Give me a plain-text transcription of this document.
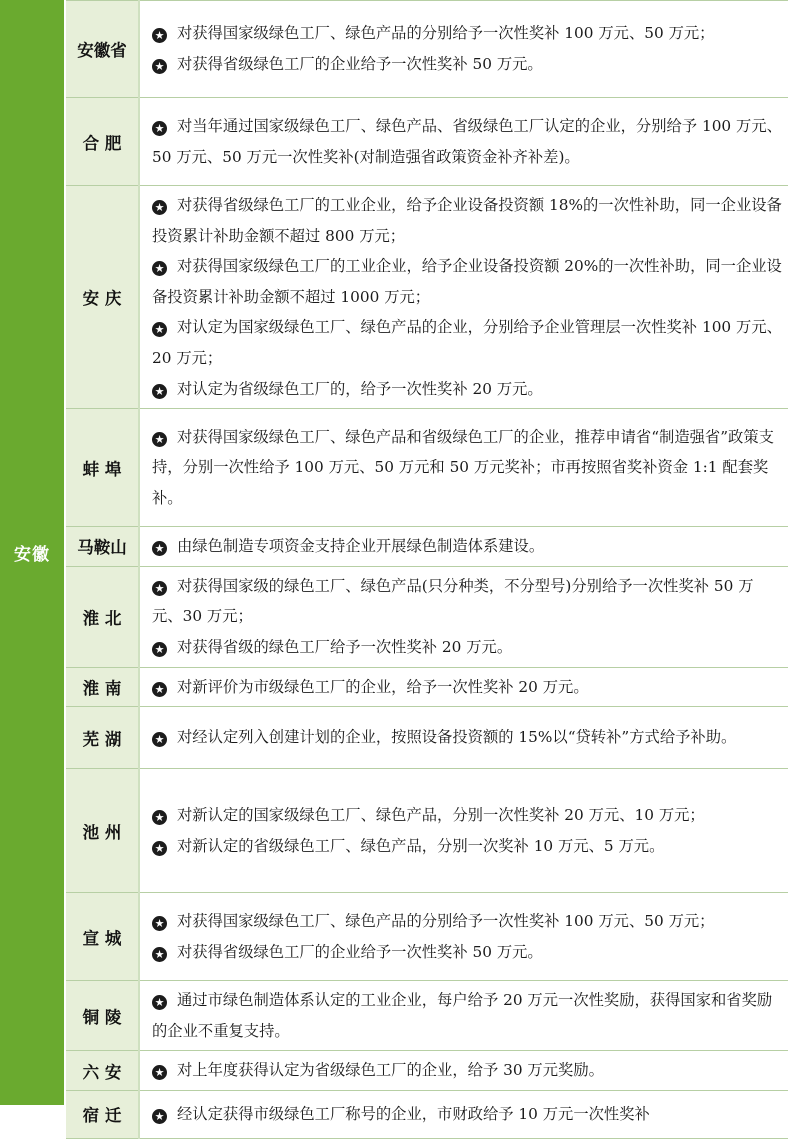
安徽
安徽省	★ 对获得国家级绿色工厂、绿色产品的分别给予一次性奖补 100 万元、50 万元；
★ 对获得省级绿色工厂的企业给予一次性奖补 50 万元。

合 肥	★ 对当年通过国家级绿色工厂、绿色产品、省级绿色工厂认定的企业，分别给予 100 万元、50 万元、50 万元一次性奖补(对制造强省政策资金补齐补差)。

安 庆	★ 对获得省级绿色工厂的工业企业，给予企业设备投资额 18%的一次性补助，同一企业设备投资累计补助金额不超过 800 万元；
★ 对获得国家级绿色工厂的工业企业，给予企业设备投资额 20%的一次性补助，同一企业设备投资累计补助金额不超过 1000 万元；
★ 对认定为国家级绿色工厂、绿色产品的企业，分别给予企业管理层一次性奖补 100 万元、20 万元；
★ 对认定为省级绿色工厂的，给予一次性奖补 20 万元。

蚌 埠	★ 对获得国家级绿色工厂、绿色产品和省级绿色工厂的企业，推荐申请省“制造强省”政策支持，分别一次性给予 100 万元、50 万元和 50 万元奖补；市再按照省奖补资金 1:1 配套奖补。

马鞍山	★ 由绿色制造专项资金支持企业开展绿色制造体系建设。

淮 北	★ 对获得国家级的绿色工厂、绿色产品(只分种类，不分型号)分别给予一次性奖补 50 万元、30 万元；
★ 对获得省级的绿色工厂给予一次性奖补 20 万元。

淮 南	★ 对新评价为市级绿色工厂的企业，给予一次性奖补 20 万元。

芜 湖	★ 对经认定列入创建计划的企业，按照设备投资额的 15%以“贷转补”方式给予补助。

池 州	★ 对新认定的国家级绿色工厂、绿色产品，分别一次性奖补 20 万元、10 万元；
★ 对新认定的省级绿色工厂、绿色产品，分别一次奖补 10 万元、5 万元。

宣 城	★ 对获得国家级绿色工厂、绿色产品的分别给予一次性奖补 100 万元、50 万元；
★ 对获得省级绿色工厂的企业给予一次性奖补 50 万元。

铜 陵	★ 通过市绿色制造体系认定的工业企业，每户给予 20 万元一次性奖励，获得国家和省奖励的企业不重复支持。

六 安	★ 对上年度获得认定为省级绿色工厂的企业，给予 30 万元奖励。

宿 迁	★ 经认定获得市级绿色工厂称号的企业，市财政给予 10 万元一次性奖补
